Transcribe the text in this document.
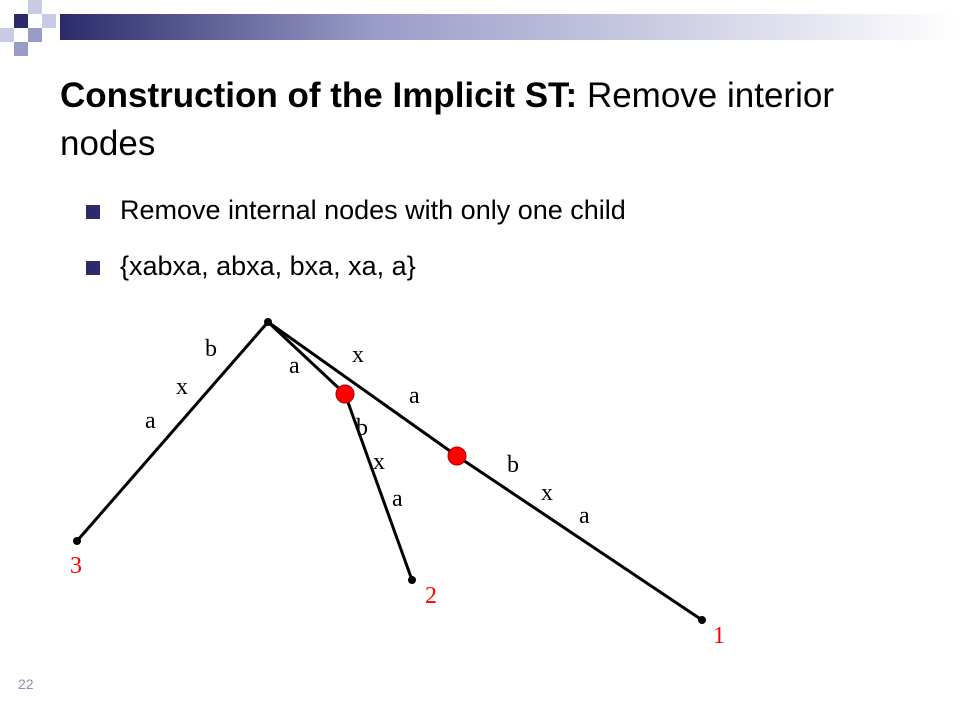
Construction of the Implicit ST: Remove interior nodes
Remove internal nodes with only one child
{xabxa, abxa, bxa, xa, a}
b
x
a
a
b
x
a
x
a
b
x
a
3
2
1
22
